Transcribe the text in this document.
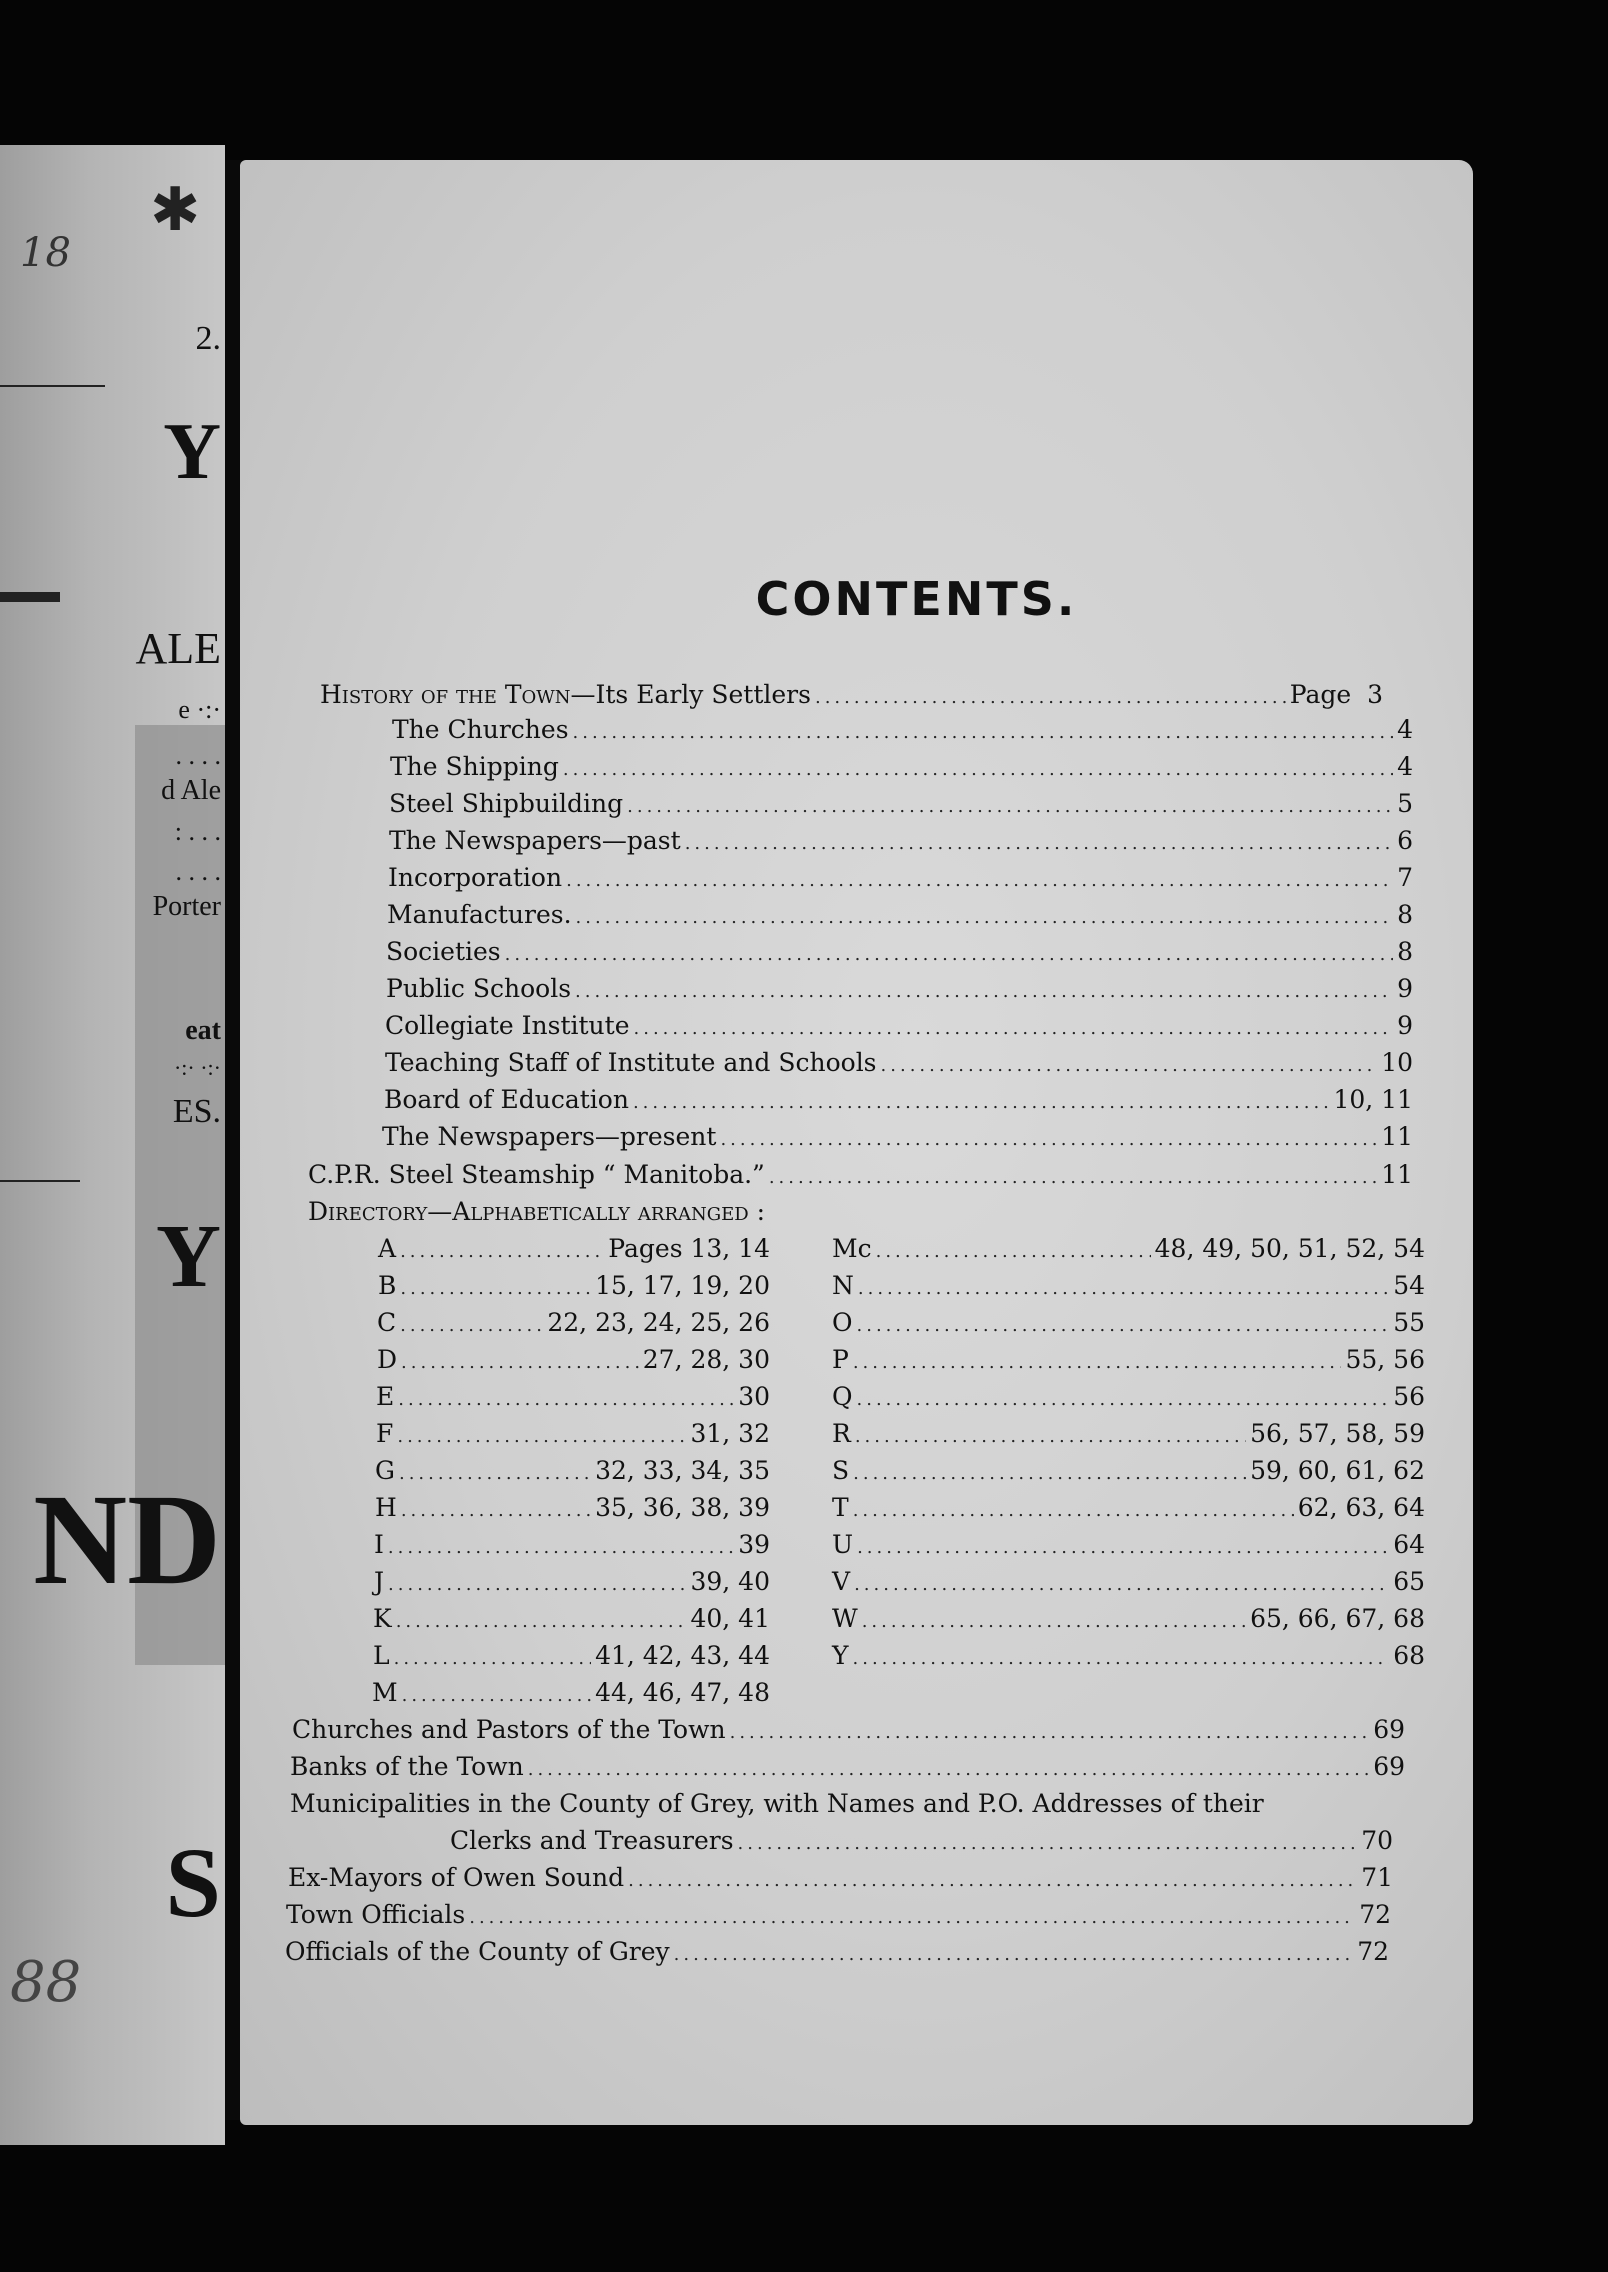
2.
Y
ALE
e ·:·
. . . .
d Ale
: . . .
. . . .
Porter
eat
·:· ·:·
ES.
Y
ND
S
18
✱
88
CONTENTS.
History of the Town—Its Early Settlers .....	Page 3
The Churches .....	4
The Shipping .....	4
Steel Shipbuilding .....	5
The Newspapers—past .....	6
Incorporation .....	7
Manufactures. .....	8
Societies .....	8
Public Schools .....	9
Collegiate Institute .....	9
Teaching Staff of Institute and Schools .....	10
Board of Education .....	10, 11
The Newspapers—present .....	11
C.P.R. Steel Steamship “ Manitoba.” .....	11
Directory—Alphabetically arranged :
A .....	Pages 13, 14
B .....	15, 17, 19, 20
C .....	22, 23, 24, 25, 26
D .....	27, 28, 30
E .....	30
F .....	31, 32
G .....	32, 33, 34, 35
H .....	35, 36, 38, 39
I .....	39
J .....	39, 40
K .....	40, 41
L .....	41, 42, 43, 44
M .....	44, 46, 47, 48
Mc .....	48, 49, 50, 51, 52, 54
N .....	54
O .....	55
P .....	55, 56
Q .....	56
R .....	56, 57, 58, 59
S .....	59, 60, 61, 62
T .....	62, 63, 64
U .....	64
V .....	65
W .....	65, 66, 67, 68
Y .....	68
Churches and Pastors of the Town .....	69
Banks of the Town .....	69
Municipalities in the County of Grey, with Names and P.O. Addresses of their
Clerks and Treasurers .....	70
Ex-Mayors of Owen Sound .....	71
Town Officials .....	72
Officials of the County of Grey .....	72
